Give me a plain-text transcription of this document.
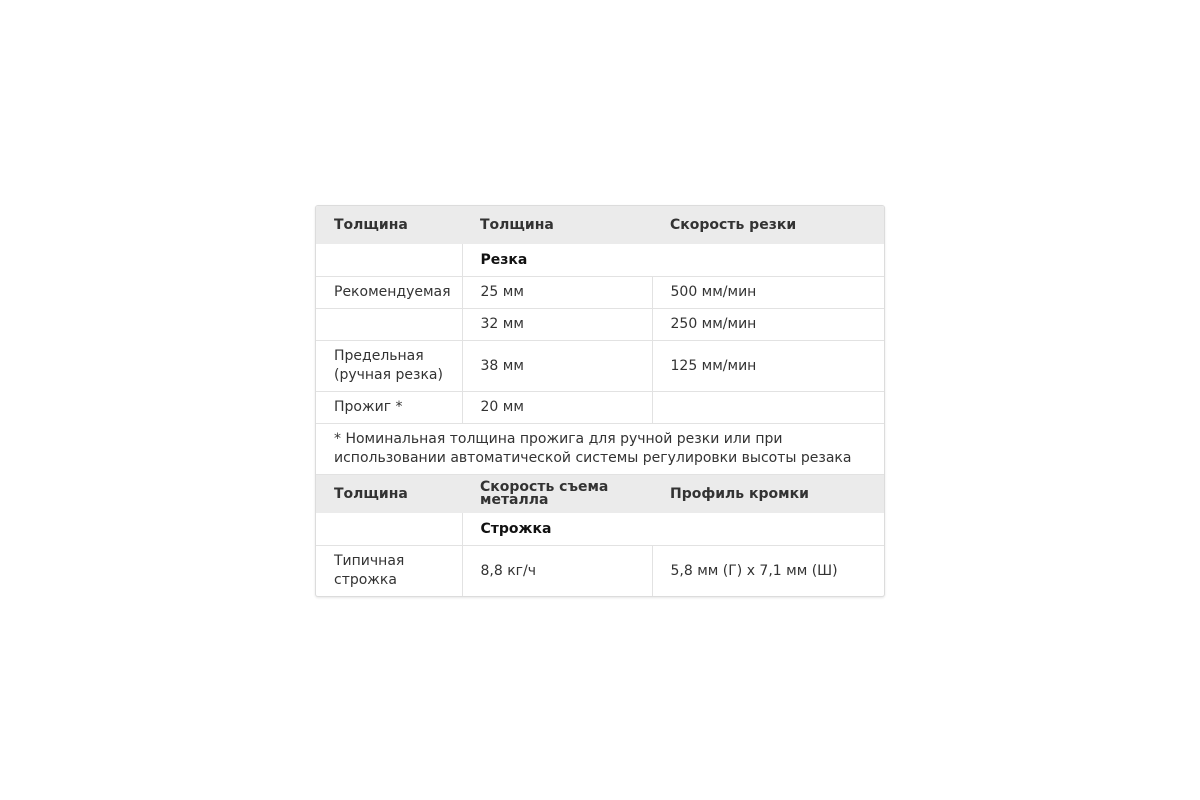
Толщина	Толщина	Скорость резки
	Резка	
Рекомендуемая	25 мм	500 мм/мин
	32 мм	250 мм/мин
Предельная (ручная резка)	38 мм	125 мм/мин
Прожиг *	20 мм	
* Номинальная толщина прожига для ручной резки или при использовании автоматической системы регулировки высоты резака		
Толщина	Скорость съема металла	Профиль кромки
	Строжка	
Типичная строжка	8,8 кг/ч	5,8 мм (Г) x 7,1 мм (Ш)
